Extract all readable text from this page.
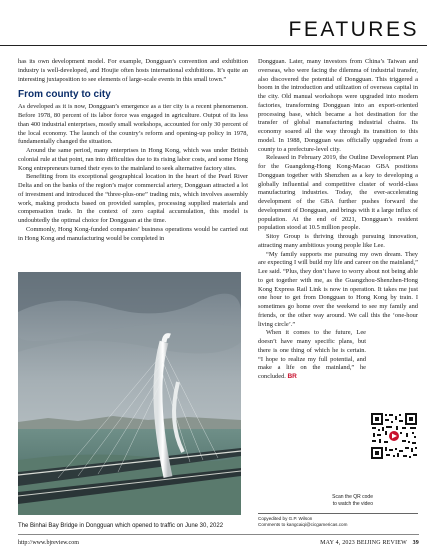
FEATURES

has its own development model. For example, Dongguan’s convention and exhibition industry is well-developed, and Houjie often hosts international exhibitions. It’s quite an interesting juxtaposition to see elements of large-scale events in this small town.”

From county to city

As developed as it is now, Dongguan’s emergence as a tier city is a recent phenomenon. Before 1978, 80 percent of its labor force was engaged in agriculture. Output of its less than 400 industrial enterprises, mostly small workshops, accounted for only 30 percent of the local economy. The launch of the country’s reform and opening-up policy in 1978, fundamentally changed the situation.

Around the same period, many enterprises in Hong Kong, which was under British colonial rule at that point, ran into difficulties due to its rising labor costs, and some Hong Kong entrepreneurs turned their eyes to the mainland to seek alternative factory sites.

Benefiting from its exceptional geographical location in the heart of the Pearl River Delta and on the banks of the region’s major commercial artery, Dongguan attracted a lot of investment and introduced the “three-plus-one” trading mix, which involves assembly work, making products based on provided samples, processing supplied materials and compensation trade. In the context of zero capital accumulation, this model is undoubtedly the optimal choice for Dongguan at the time.

Commonly, Hong Kong-funded companies’ business operations would be carried out in Hong Kong and manufacturing would be completed in

Dongguan. Later, many investors from China’s Taiwan and overseas, who were facing the dilemma of industrial transfer, also discovered the potential of Dongguan. This triggered a boom in the introduction and utilization of overseas capital in the city. Old manual workshops were upgraded into modern factories, transforming Dongguan into an export-oriented processing base, which became a hot destination for the transfer of global manufacturing industrial chains. Its economy soared all the way through its transition to this model. In 1988, Dongguan was officially upgraded from a county to a prefecture-level city.

Released in February 2019, the Outline Development Plan for the Guangdong-Hong Kong-Macao GBA positions Dongguan together with Shenzhen as a key to developing a globally influential and competitive cluster of world-class manufacturing industries. Today, the ever-accelerating development of the GBA further pushes forward the development of Dongguan, and brings with it a large influx of population. At the end of 2021, Dongguan’s resident population stood at 10.5 million people.

Sitoy Group is thriving through pursuing innovation, attracting many ambitious young people like Lee.

“My family supports me pursuing my own dream. They are expecting I will build my life and career on the mainland,” Lee said. “Plus, they don’t have to worry about not being able to get together with me, as the Guangzhou-Shenzhen-Hong Kong Express Rail Link is now in operation. It takes me just one hour to get from Dongguan to Hong Kong by train. I sometimes go home over the weekend to see my family and friends, or the other way around. We call this the ‘one-hour living circle’.”

When it comes to the future, Lee doesn’t have many specific plans, but there is one thing of which he is certain. “I hope to realize my full potential, and make a life on the mainland,” he concluded. BR

The Binhai Bay Bridge in Dongguan which opened to traffic on June 30, 2022
Scan the QR code
to watch the video
Copyedited by G.P. Wilson
Comments to kangcaiqi@cicgamericas.com
http://www.bjreview.com	MAY 4, 2023 BEIJING REVIEW 39
